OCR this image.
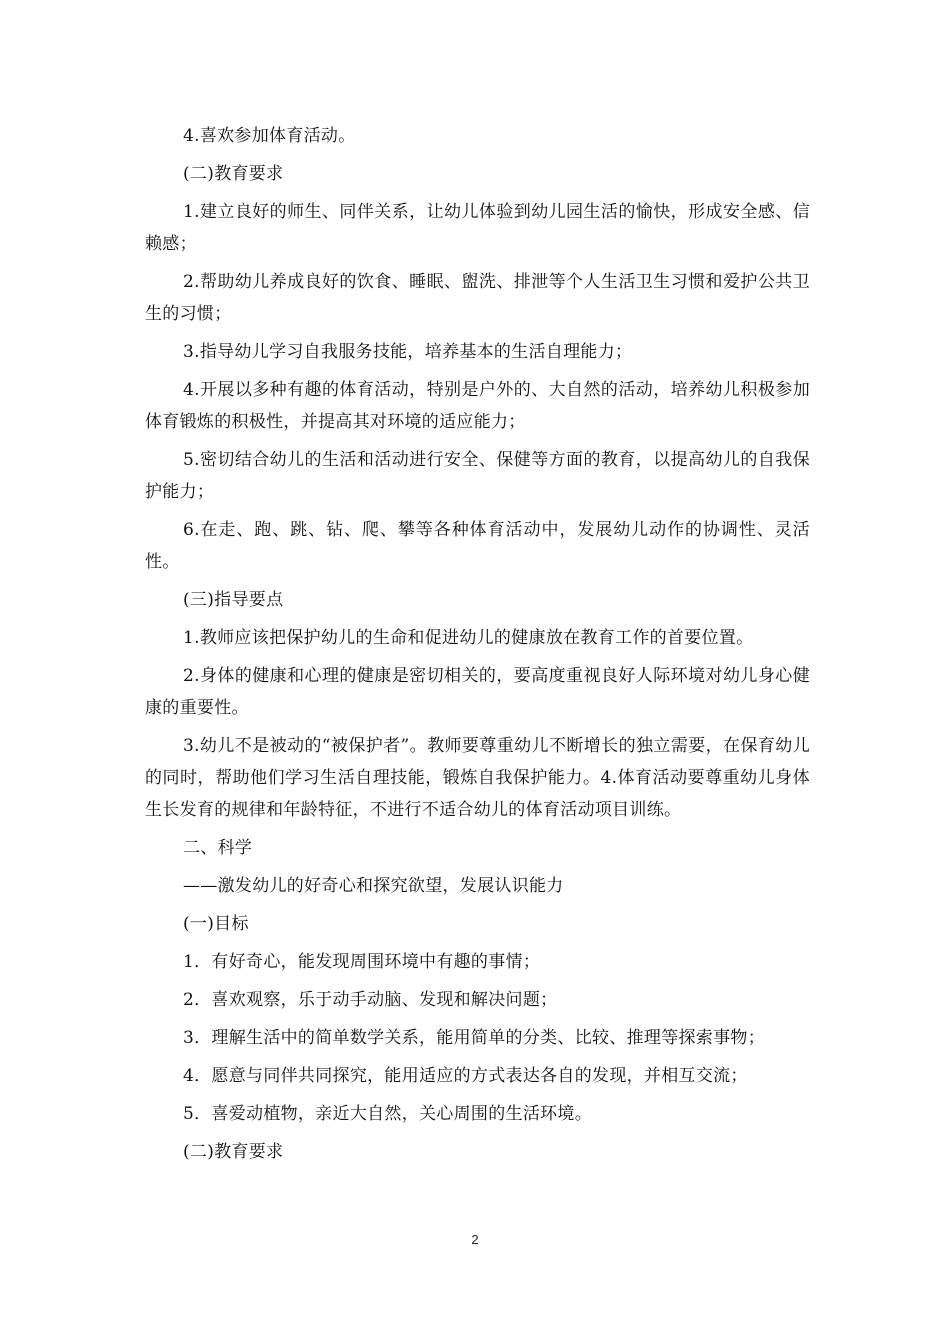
4.喜欢参加体育活动。

(二)教育要求

1.建立良好的师生、同伴关系，让幼儿体验到幼儿园生活的愉快，形成安全感、信赖感；

2.帮助幼儿养成良好的饮食、睡眠、盥洗、排泄等个人生活卫生习惯和爱护公共卫生的习惯；

3.指导幼儿学习自我服务技能，培养基本的生活自理能力；

4.开展以多种有趣的体育活动，特别是户外的、大自然的活动，培养幼儿积极参加体育锻炼的积极性，并提高其对环境的适应能力；

5.密切结合幼儿的生活和活动进行安全、保健等方面的教育，以提高幼儿的自我保护能力；

6.在走、跑、跳、钻、爬、攀等各种体育活动中，发展幼儿动作的协调性、灵活性。

(三)指导要点

1.教师应该把保护幼儿的生命和促进幼儿的健康放在教育工作的首要位置。

2.身体的健康和心理的健康是密切相关的，要高度重视良好人际环境对幼儿身心健康的重要性。

3.幼儿不是被动的“被保护者”。教师要尊重幼儿不断增长的独立需要，在保育幼儿的同时，帮助他们学习生活自理技能，锻炼自我保护能力。4.体育活动要尊重幼儿身体生长发育的规律和年龄特征，不进行不适合幼儿的体育活动项目训练。

二、科学

——激发幼儿的好奇心和探究欲望，发展认识能力

(一)目标

1．有好奇心，能发现周围环境中有趣的事情；

2．喜欢观察，乐于动手动脑、发现和解决问题；

3．理解生活中的简单数学关系，能用简单的分类、比较、推理等探索事物；

4．愿意与同伴共同探究，能用适应的方式表达各自的发现，并相互交流；

5．喜爱动植物，亲近大自然，关心周围的生活环境。

(二)教育要求

2
